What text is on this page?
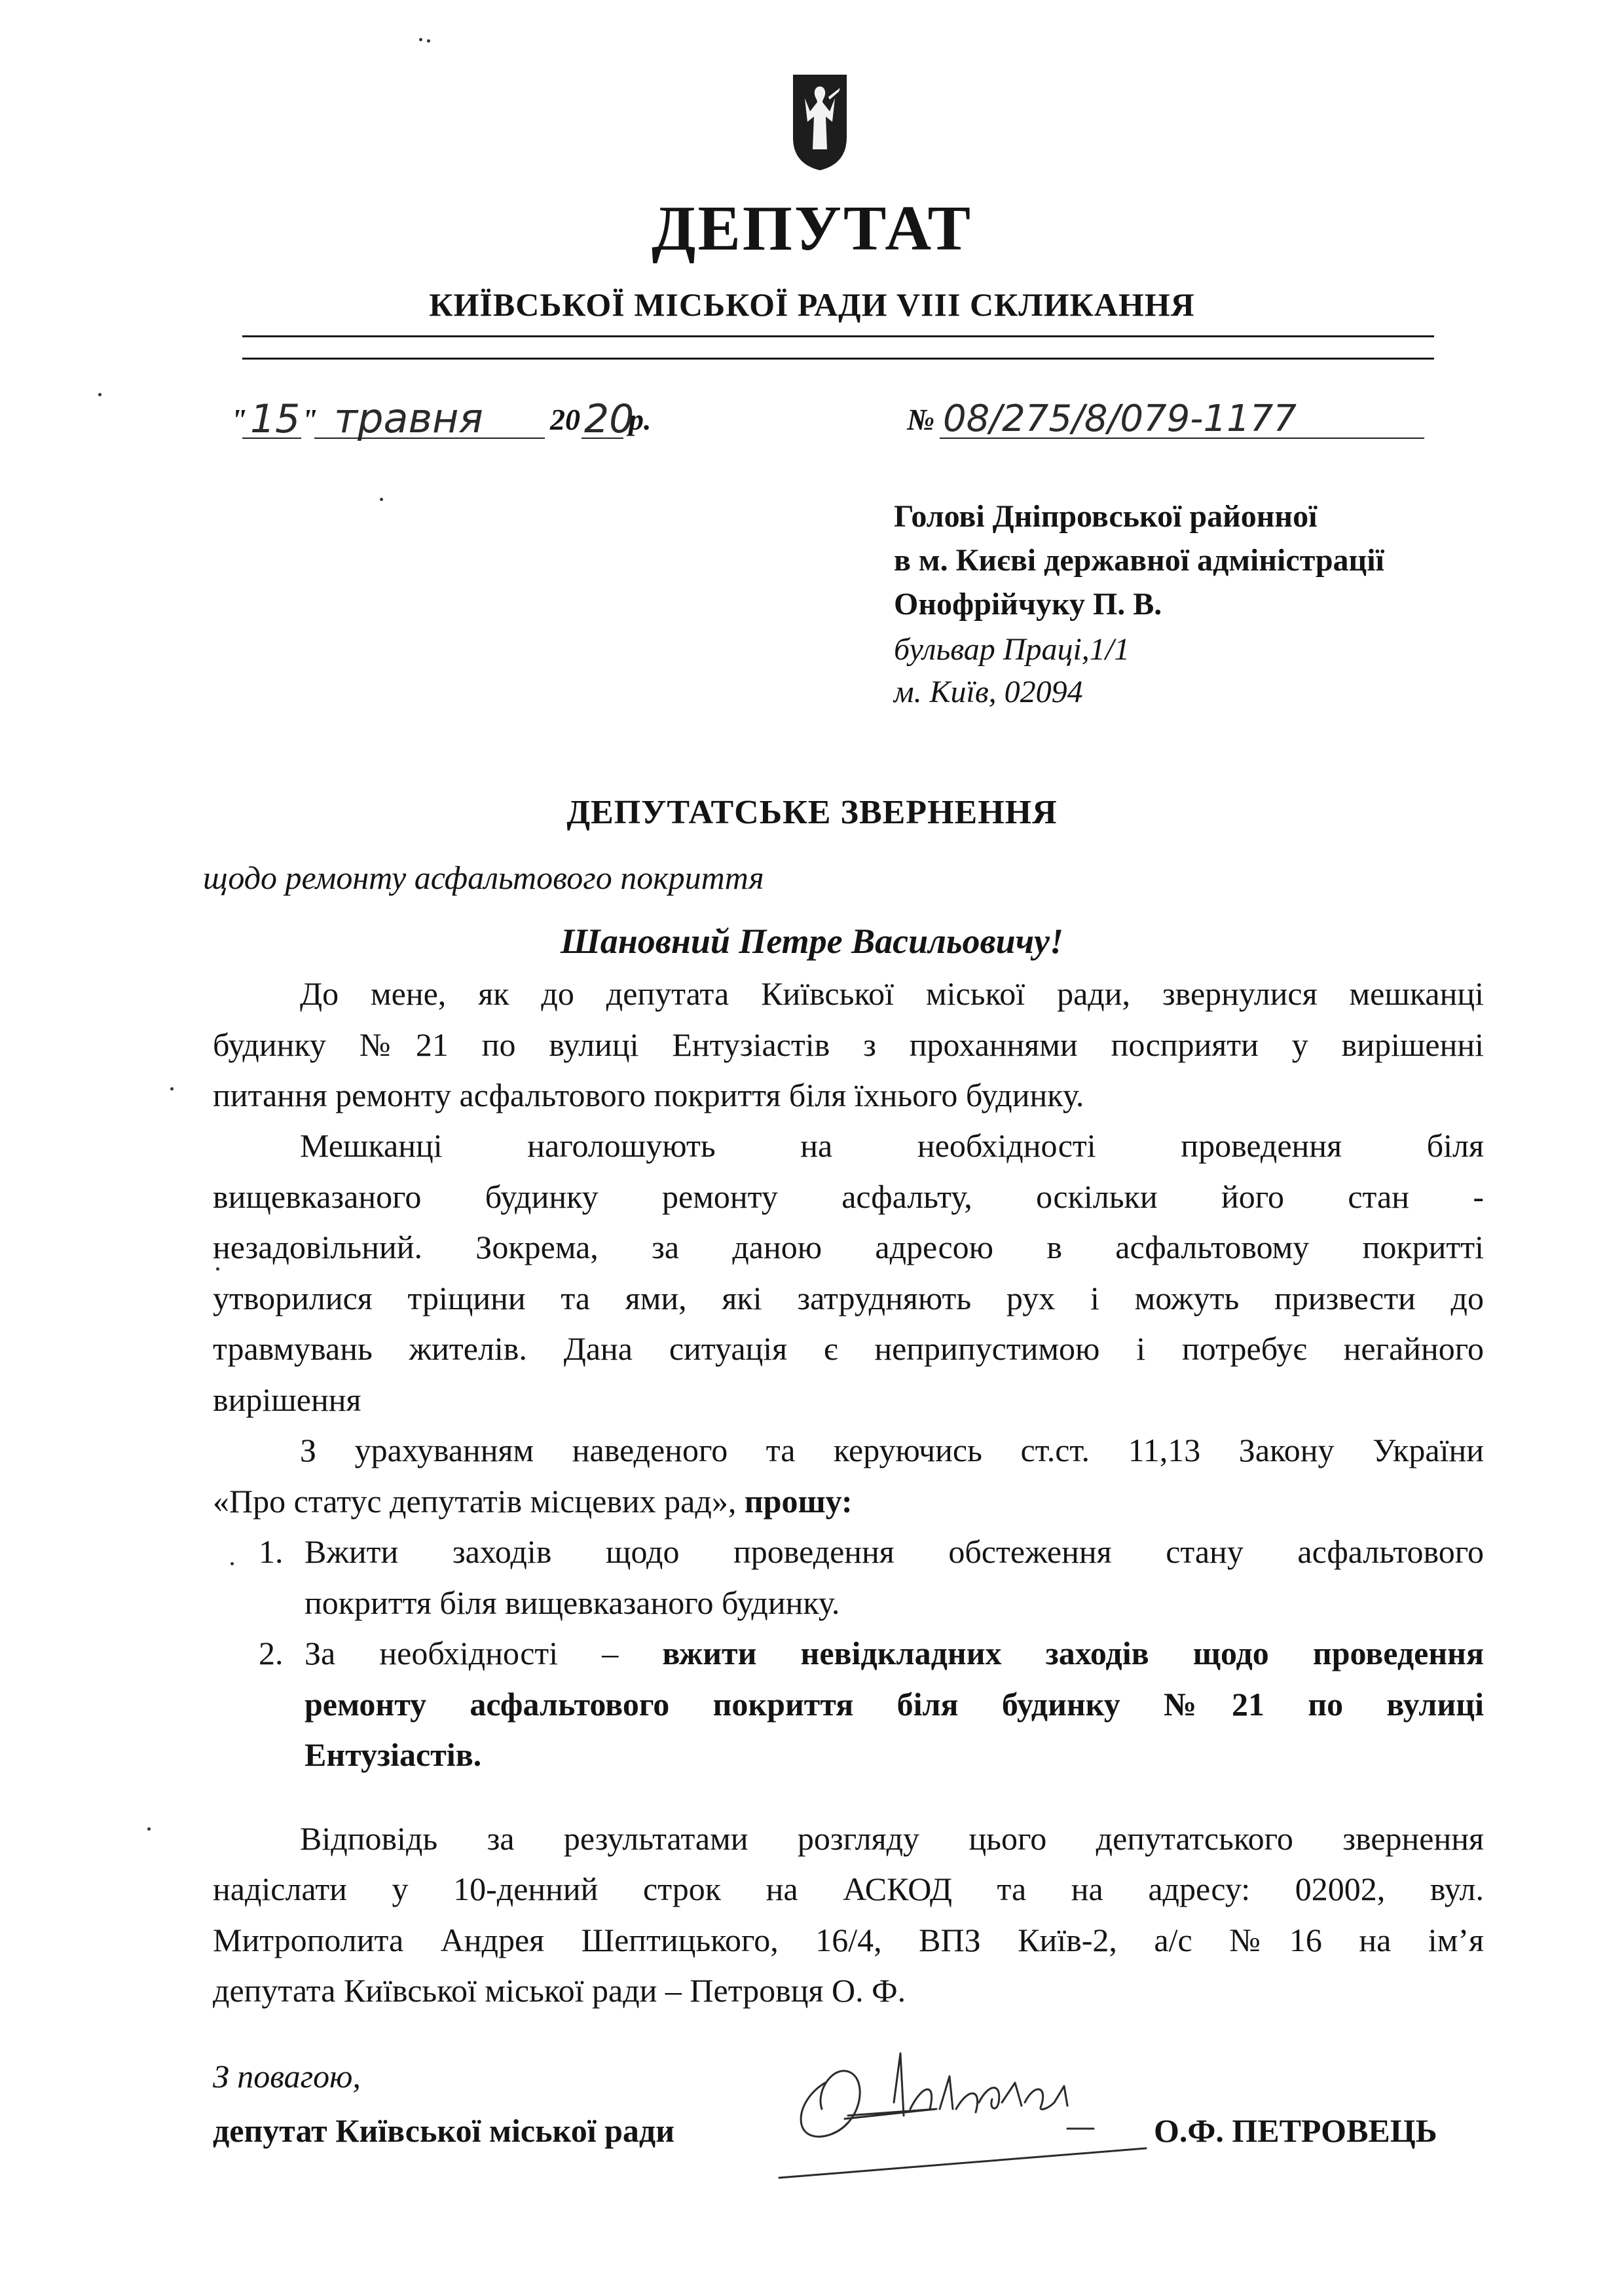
ДЕПУТАТ
КИЇВСЬКОЇ МІСЬКОЇ РАДИ VIII СКЛИКАННЯ
" 15 " травня 20 20
р.	№ 08/275/8/079-1177
Голові Дніпровської районної
в м. Києві державної адміністрації
Онофрійчуку П. В.
бульвар Праці,1/1
м. Київ, 02094
ДЕПУТАТСЬКЕ ЗВЕРНЕННЯ
щодо ремонту асфальтового покриття
Шановний Петре Васильовичу!
До мене, як до депутата Київської міської ради, звернулися мешканці
будинку №21 по вулиці Ентузіастів з проханнями посприяти у вирішенні
питання ремонту асфальтового покриття біля їхнього будинку.
Мешканці наголошують на необхідності проведення біля
вищевказаного будинку ремонту асфальту, оскільки його стан -
незадовільний. Зокрема, за даною адресою в асфальтовому покритті
утворилися тріщини та ями, які затрудняють рух і можуть призвести до
травмувань жителів. Дана ситуація є неприпустимою і потребує негайного
вирішення
З урахуванням наведеного та керуючись ст.ст. 11,13 Закону України
«Про статус депутатів місцевих рад», прошу:
1. Вжити заходів щодо проведення обстеження стану асфальтового
покриття біля вищевказаного будинку.
2. За необхідності – вжити невідкладних заходів щодо проведення
ремонту асфальтового покриття біля будинку №21 по вулиці
Ентузіастів.
Відповідь за результатами розгляду цього депутатського звернення
надіслати у 10-денний строк на АСКОД та на адресу: 02002, вул.
Митрополита Андрея Шептицького, 16/4, ВПЗ Київ-2, а/с №16 на ім’я
депутата Київської міської ради – Петровця О. Ф.
З повагою,
депутат Київської міської ради	О.Ф. ПЕТРОВЕЦЬ
